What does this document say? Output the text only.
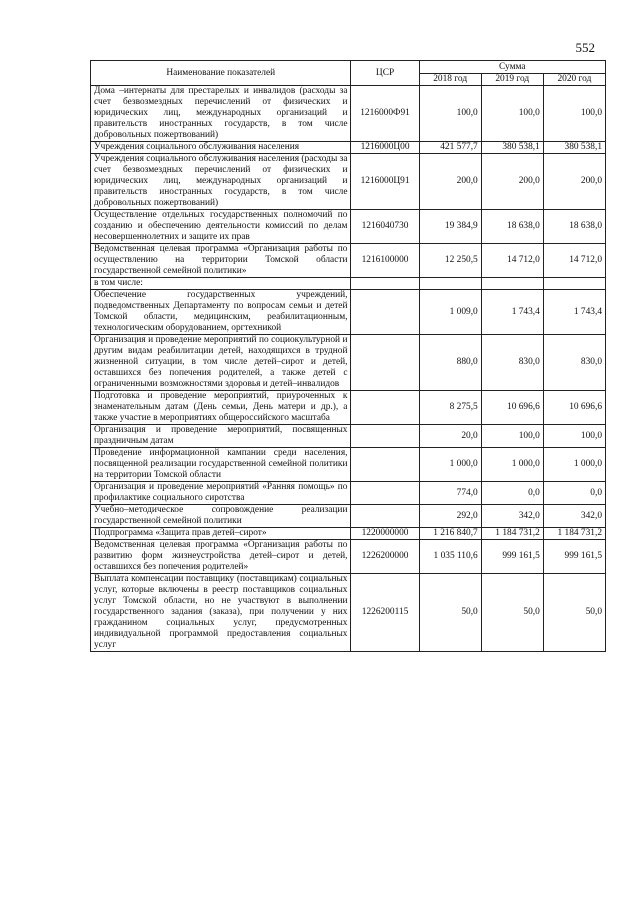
552
Наименование показателей	ЦСР	Сумма		
		2018 год	2019 год	2020 год
Дома –интернаты для престарелых и инвалидов (расходы за счет безвозмездных перечислений от физических и юридических лиц, международных организаций и правительств иностранных государств, в том числе добровольных пожертвований)	1216000Ф91	100,0	100,0	100,0
Учреждения социального обслуживания населения	1216000Ц00	421 577,7	380 538,1	380 538,1
Учреждения социального обслуживания населения (расходы за счет безвозмездных перечислений от физических и юридических лиц, международных организаций и правительств иностранных государств, в том числе добровольных пожертвований)	1216000Ц91	200,0	200,0	200,0
Осуществление отдельных государственных полномочий по созданию и обеспечению деятельности комиссий по делам несовершеннолетних и защите их прав	1216040730	19 384,9	18 638,0	18 638,0
Ведомственная целевая программа «Организация работы по осуществлению на территории Томской области государственной семейной политики»	1216100000	12 250,5	14 712,0	14 712,0
в том числе:				
Обеспечение государственных учреждений, подведомственных Департаменту по вопросам семьи и детей Томской области, медицинским, реабилитационным, технологическим оборудованием, оргтехникой		1 009,0	1 743,4	1 743,4
Организация и проведение мероприятий по социокультурной и другим видам реабилитации детей, находящихся в трудной жизненной ситуации, в том числе детей–сирот и детей, оставшихся без попечения родителей, а также детей с ограниченными возможностями здоровья и детей–инвалидов		880,0	830,0	830,0
Подготовка и проведение мероприятий, приуроченных к знаменательным датам (День семьи, День матери и др.), а также участие в мероприятиях общероссийского масштаба		8 275,5	10 696,6	10 696,6
Организация и проведение мероприятий, посвященных праздничным датам		20,0	100,0	100,0
Проведение информационной кампании среди населения, посвященной реализации государственной семейной политики на территории Томской области		1 000,0	1 000,0	1 000,0
Организация и проведение мероприятий «Ранняя помощь» по профилактике социального сиротства		774,0	0,0	0,0
Учебно–методическое сопровождение реализации государственной семейной политики		292,0	342,0	342,0
Подпрограмма «Защита прав детей–сирот»	1220000000	1 216 840,7	1 184 731,2	1 184 731,2
Ведомственная целевая программа «Организация работы по развитию форм жизнеустройства детей–сирот и детей, оставшихся без попечения родителей»	1226200000	1 035 110,6	999 161,5	999 161,5
Выплата компенсации поставщику (поставщикам) социальных услуг, которые включены в реестр поставщиков социальных услуг Томской области, но не участвуют в выполнении государственного задания (заказа), при получении у них гражданином социальных услуг, предусмотренных индивидуальной программой предоставления социальных услуг	1226200115	50,0	50,0	50,0
